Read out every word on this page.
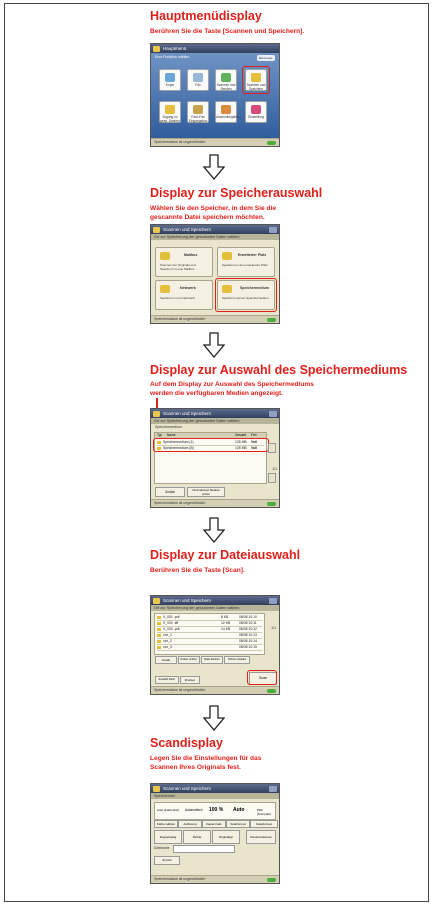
Hauptmenüdisplay
Berühren Sie die Taste [Scannen und Speichern].
Hauptmenü
Eine Funktion wählen	Menü anp.
Kopie	Fax	Scannen und Senden
Scannen und Speichern
Zugang zu gesp. Dateien
Fax/I-Fax Eingangsbox
Anwendungsbib.	Einstellung
Speicherstatus ist ungewöhnlich
Display zur Speicherauswahl
Wählen Sie den Speicher, in dem Sie die
gescannte Datei speichern möchten.
Scannen und Speichern
Ort zur Speicherung der gescannten Daten wählen.
Mailbox
Scannen der Originale und Speichern in eine Mailbox
Erweiterter Platz
Speichern in den erweiterten Platz
Netzwerk
Speichern in ein Netzwerk
Speichermedium
Speichern auf ein Speichermedium
Speicherstatus ist ungewöhnlich
Display zur Auswahl des Speichermediums
Auf dem Display zur Auswahl des Speichermediums
werden die verfügbaren Medien angezeigt.
Scannen und Speichern
Ort zur Speicherung der gescannten Daten wählen.
Speichermedium
Typ Name	Gesamt Frei
Speichermedium (1)	128 MB Voll
Speichermedium (B)	128 MB Voll
1/1
Zurück	Informationen Medium prüfen
Speicherstatus ist ungewöhnlich
Display zur Dateiauswahl
Berühren Sie die Taste [Scan].
Scannen und Speichern
Ort zur Speicherung der gescannten Daten wählen.
X_001 .pdf	8 KB	08/08 10:10
X_002 .tiff	12 KB	08/08 10:11
X_003 .pdf	14 KB	08/08 10:12
xxx_1	08/08 10:13
xxx_2	08/08 10:14
xxx_3	08/08 10:15
1/1
Detail	Ordner umben.	Datei löschen	Ordner erstellen
Auswahl lösch.	Drucken	Scan
Speicherstatus ist ungewöhnlich
Scandisplay
Legen Sie die Einstellungen für das
Scannen Ihres Originals fest.
Scannen und Speichern
Speicherziel
Auto (Farbe/s/w) Automatisch 100 % Auto	PDF (Kompakt)
Farbe wählen	Auflösung	Kopier-Fakt.	Scanformat	Dateiformat
Doppelseitig	Dichte	Originaltyp	Sonderfunktionen
Dateiname
Zurück
Speicherstatus ist ungewöhnlich
